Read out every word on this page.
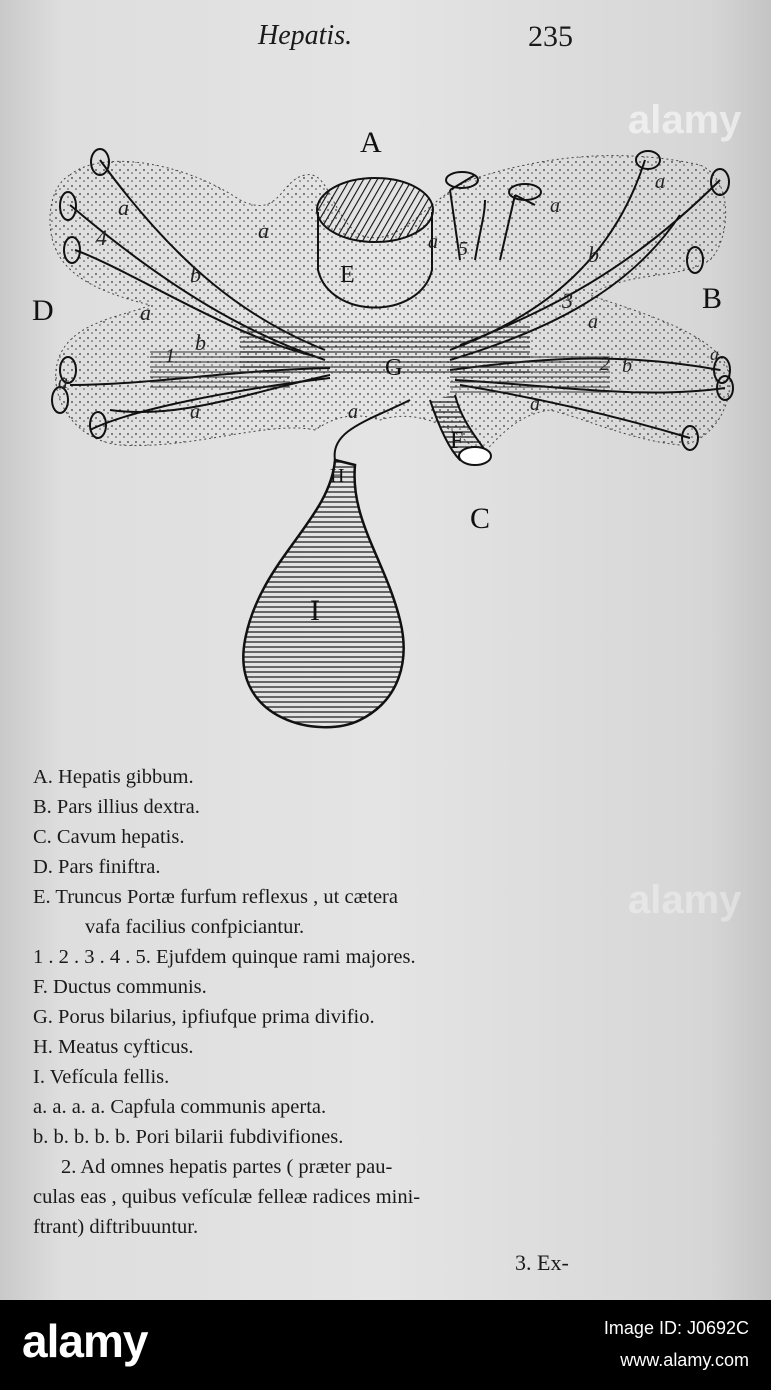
Hepatis.	235
A
B
C
D
E
F
G
H
I
1	2
3
4	5
a
a
a
a
a	a
a
a
a
a
a
a
b
b
b
b
A. Hepatis gibbum.
B. Pars illius dextra.
C. Cavum hepatis.
D. Pars finiftra.
E. Truncus Portæ furfum reflexus , ut cætera
vafa facilius confpiciantur.
1 . 2 . 3 . 4 . 5. Ejufdem quinque rami majores.
F. Ductus communis.
G. Porus bilarius, ipfiufque prima divifio.
H. Meatus cyfticus.
I. Vefícula fellis.
a. a. a. a. Capfula communis aperta.
b. b. b. b. b. Pori bilarii fubdivifiones.
2. Ad omnes hepatis partes ( præter pau-
culas eas , quibus vefículæ felleæ radices mini-
ftrant) diftribuuntur.
3. Ex-
alamy
alamy
alamy	Image ID: J0692C
www.alamy.com
